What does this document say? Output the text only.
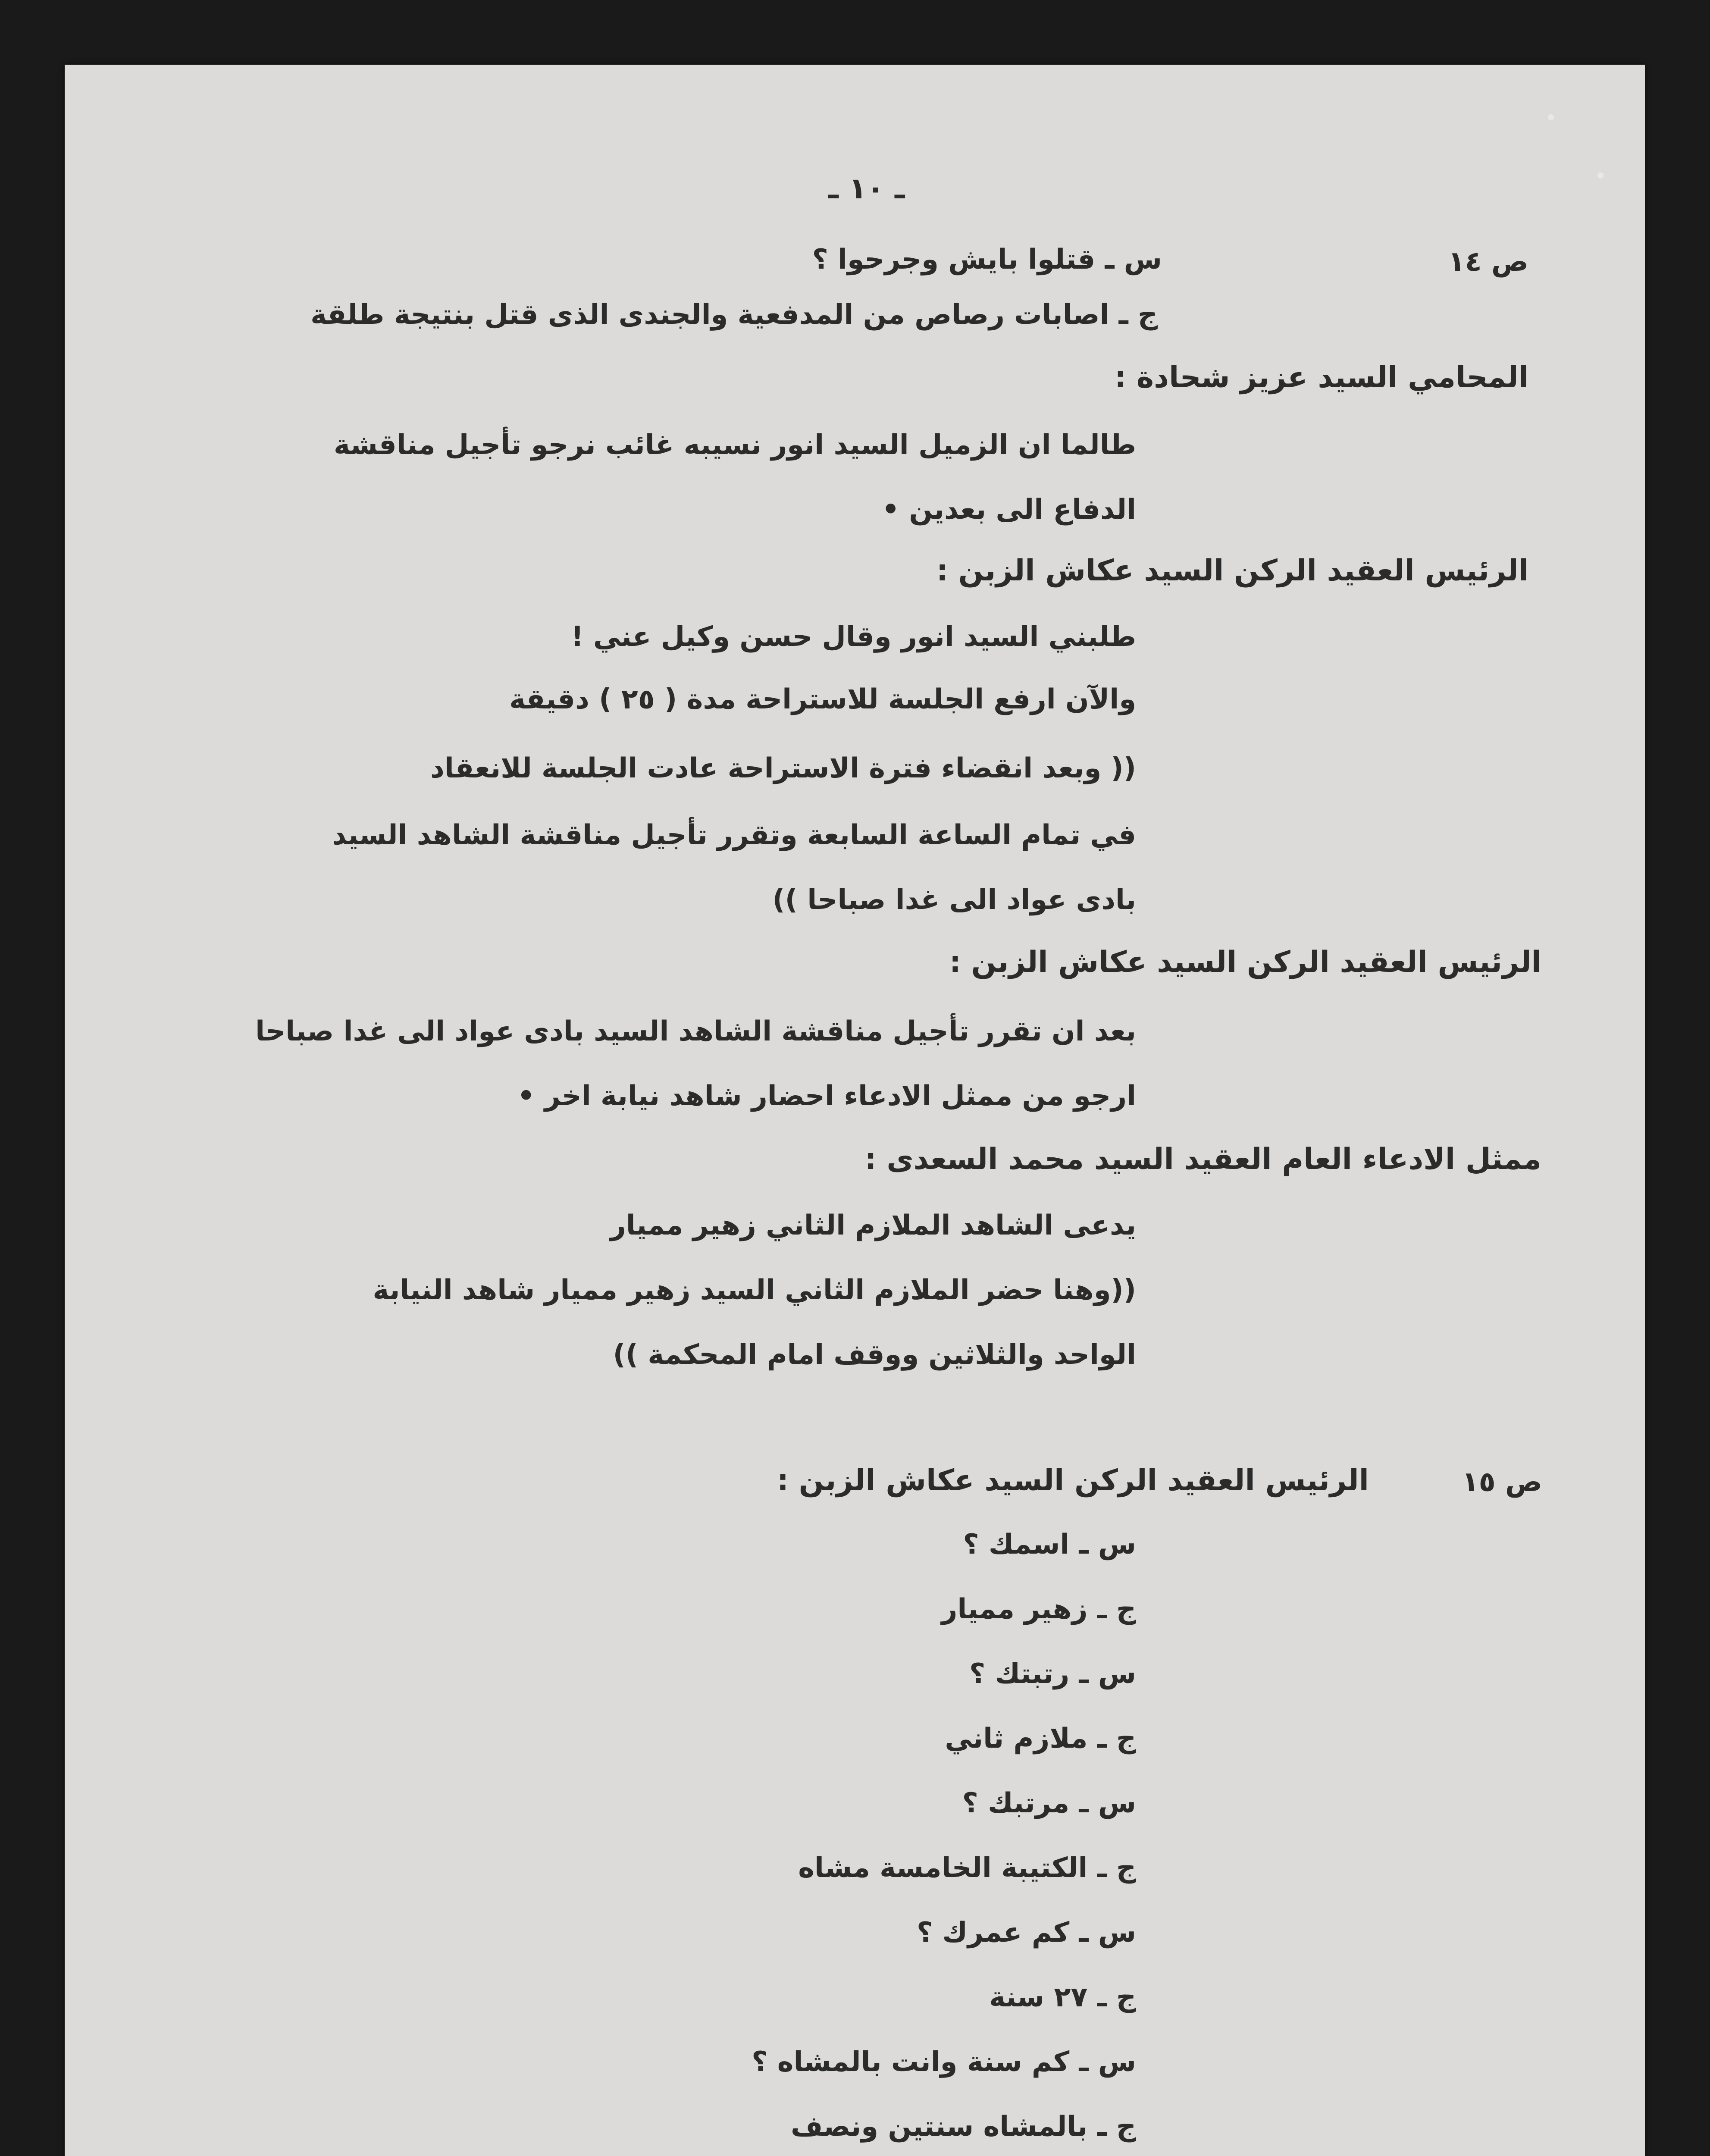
ـ ١٠ ـ
ص ١٤
ص ١٥
س ـ قتلوا بايش وجرحوا ؟
ج ـ اصابات رصاص من المدفعية والجندى الذى قتل بنتيجة طلقة
المحامي السيد عزيز شحادة :
طالما ان الزميل السيد انور نسيبه غائب نرجو تأجيل مناقشة
الدفاع الى بعدين •
الرئيس العقيد الركن السيد عكاش الزبن :
طلبني السيد انور وقال حسن وكيل عني !
والآن ارفع الجلسة للاستراحة مدة ( ٢٥ ) دقيقة
(( وبعد انقضاء فترة الاستراحة عادت الجلسة للانعقاد
في تمام الساعة السابعة وتقرر تأجيل مناقشة الشاهد السيد
بادى عواد الى غدا صباحا ))
الرئيس العقيد الركن السيد عكاش الزبن :
بعد ان تقرر تأجيل مناقشة الشاهد السيد بادى عواد الى غدا صباحا
ارجو من ممثل الادعاء احضار شاهد نيابة اخر •
ممثل الادعاء العام العقيد السيد محمد السعدى :
يدعى الشاهد الملازم الثاني زهير مميار
((وهنا حضر الملازم الثاني السيد زهير مميار شاهد النيابة
الواحد والثلاثين ووقف امام المحكمة ))
الرئيس العقيد الركن السيد عكاش الزبن :
س ـ اسمك ؟
ج ـ زهير مميار
س ـ رتبتك ؟
ج ـ ملازم ثاني
س ـ مرتبك ؟
ج ـ الكتيبة الخامسة مشاه
س ـ كم عمرك ؟
ج ـ ٢٧ سنة
س ـ كم سنة وانت بالمشاه ؟
ج ـ بالمشاه سنتين ونصف
